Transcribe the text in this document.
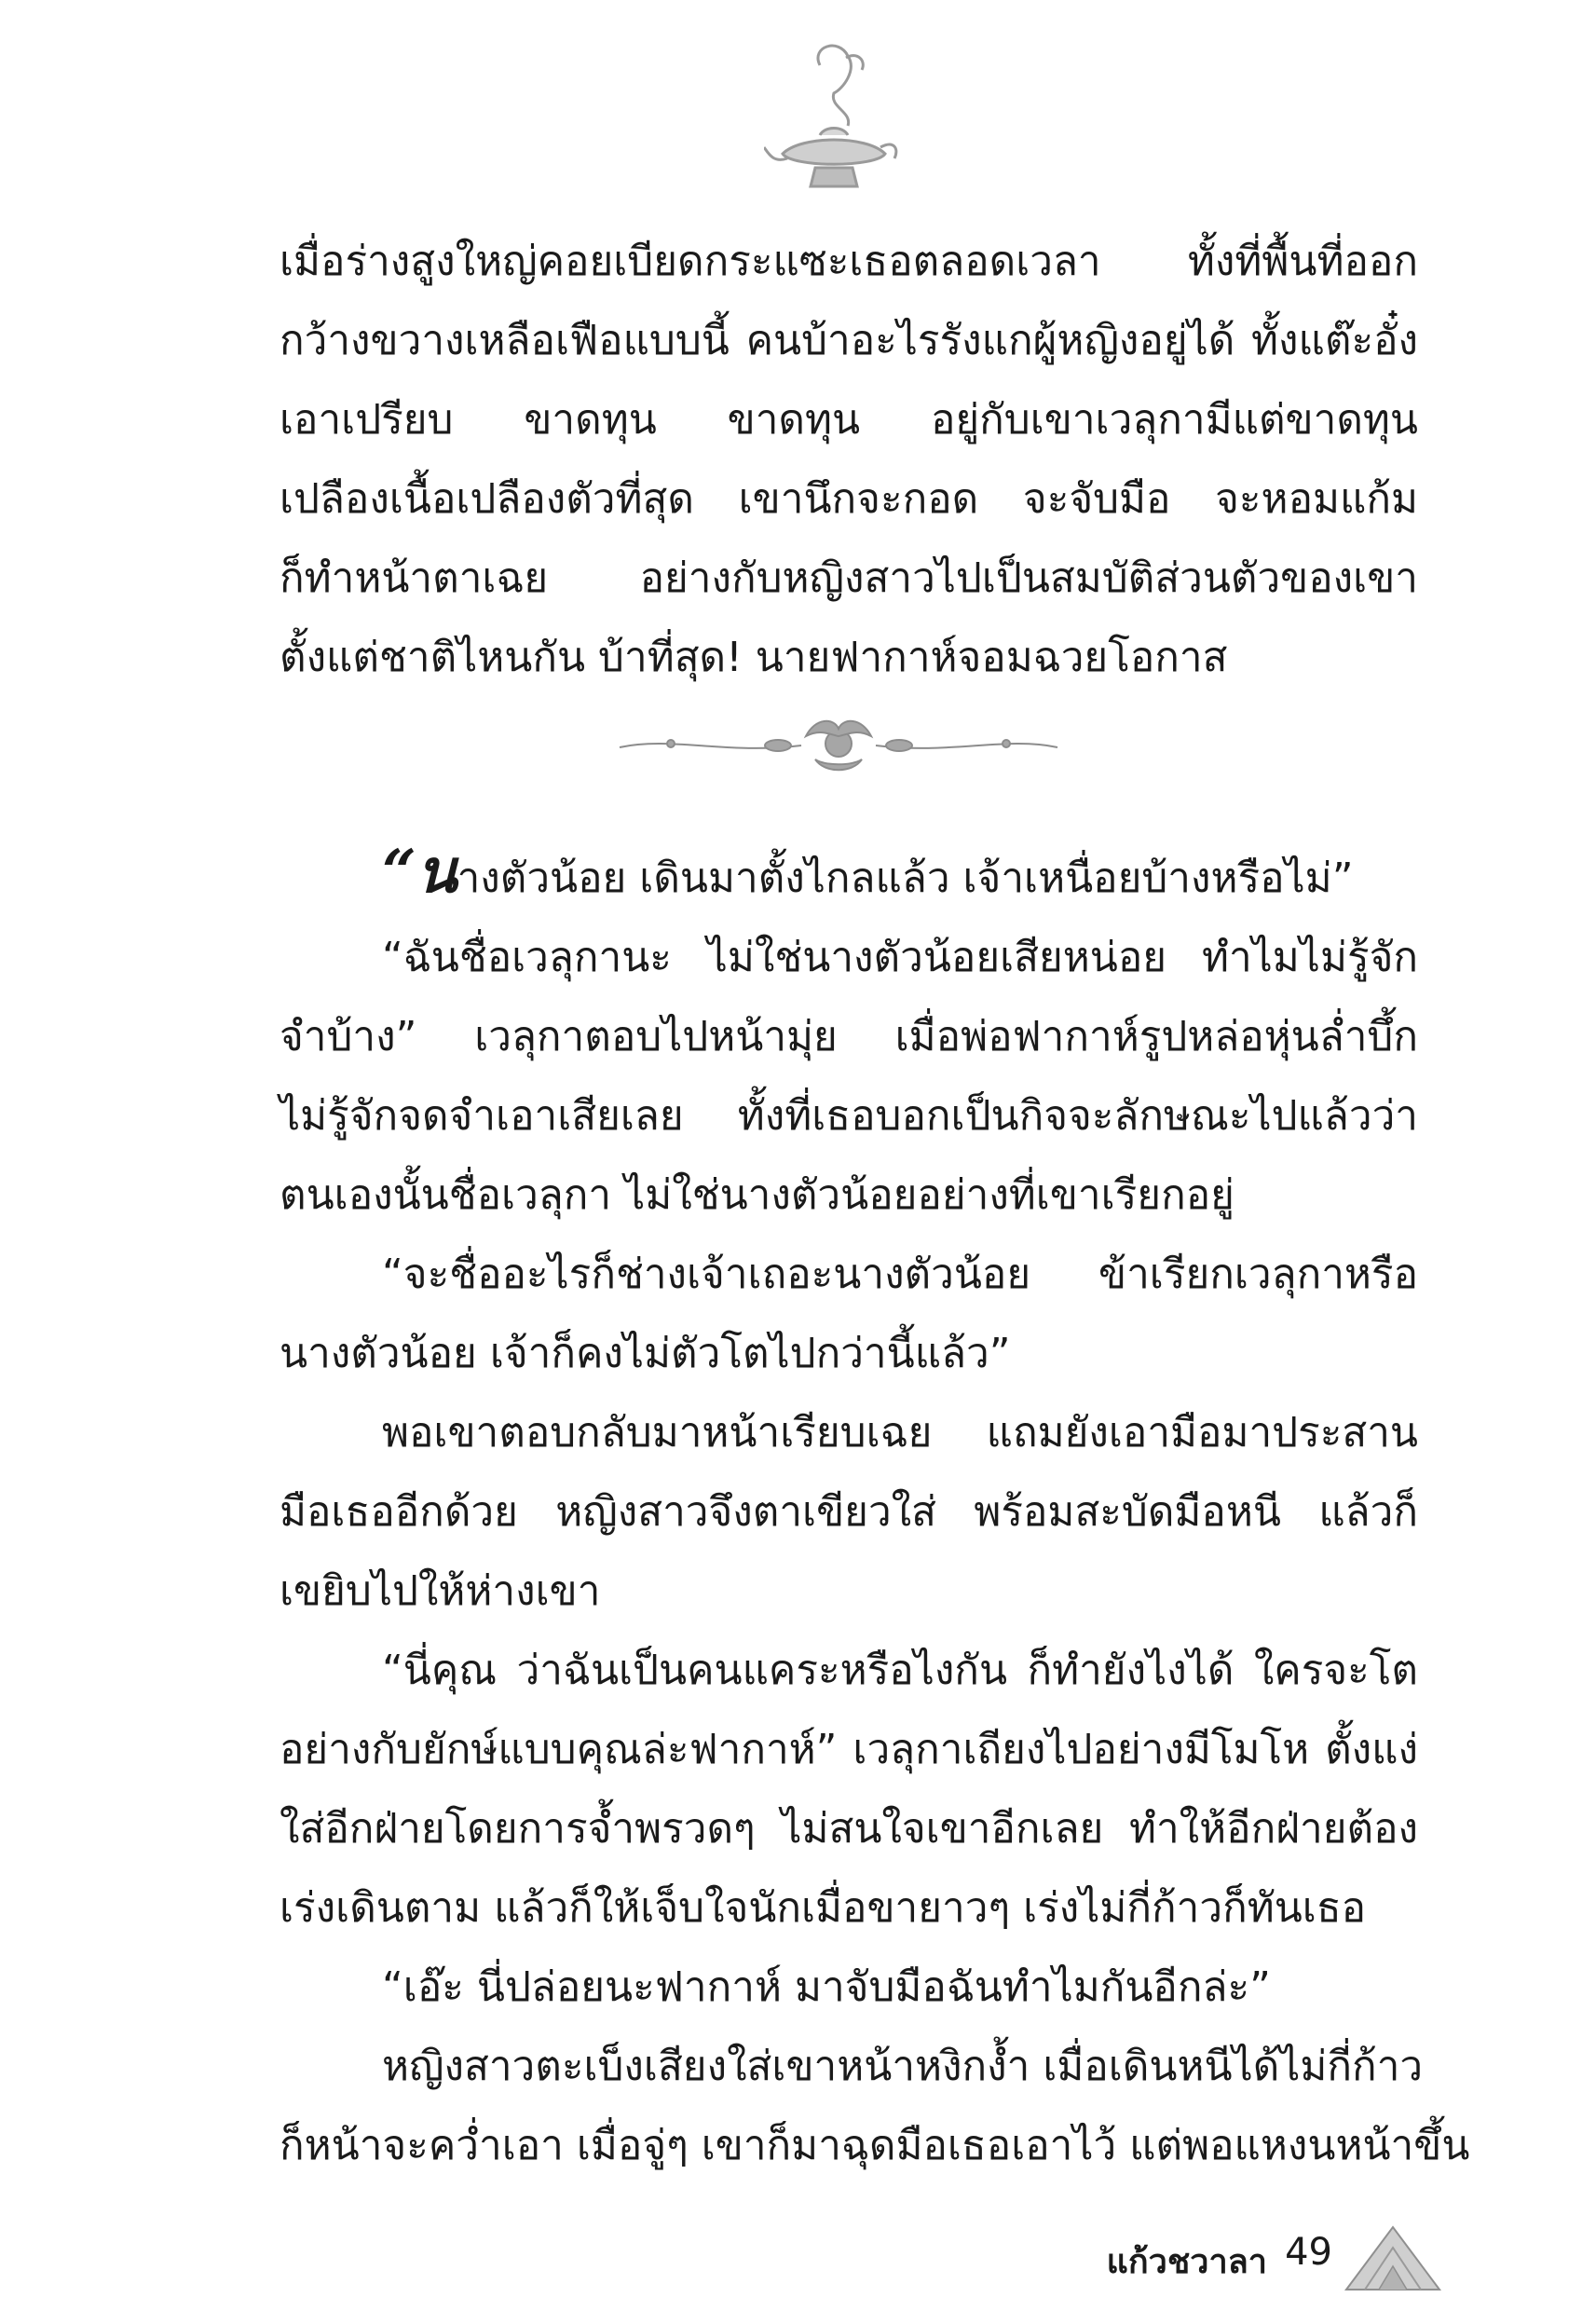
เมื่อร่างสูงใหญ่คอยเบียดกระแซะเธอตลอดเวลา ทั้งที่พื้นที่ออก
กว้างขวางเหลือเฟือแบบนี้ คนบ้าอะไรรังแกผู้หญิงอยู่ได้ ทั้งแต๊ะอั๋ง
เอาเปรียบ ขาดทุน ขาดทุน อยู่กับเขาเวลุกามีแต่ขาดทุน
เปลืองเนื้อเปลืองตัวที่สุด เขานึกจะกอด จะจับมือ จะหอมแก้ม
ก็ทำหน้าตาเฉย อย่างกับหญิงสาวไปเป็นสมบัติส่วนตัวของเขา
ตั้งแต่ชาติไหนกัน บ้าที่สุด! นายฟากาห์จอมฉวยโอกาส

“นางตัวน้อย เดินมาตั้งไกลแล้ว เจ้าเหนื่อยบ้างหรือไม่”

“ฉันชื่อเวลุกานะ ไม่ใช่นางตัวน้อยเสียหน่อย ทำไมไม่รู้จัก
จำบ้าง” เวลุกาตอบไปหน้ามุ่ย เมื่อพ่อฟากาห์รูปหล่อหุ่นล่ำบึ้ก
ไม่รู้จักจดจำเอาเสียเลย ทั้งที่เธอบอกเป็นกิจจะลักษณะไปแล้วว่า
ตนเองนั้นชื่อเวลุกา ไม่ใช่นางตัวน้อยอย่างที่เขาเรียกอยู่

“จะชื่ออะไรก็ช่างเจ้าเถอะนางตัวน้อย ข้าเรียกเวลุกาหรือ
นางตัวน้อย เจ้าก็คงไม่ตัวโตไปกว่านี้แล้ว”

พอเขาตอบกลับมาหน้าเรียบเฉย แถมยังเอามือมาประสาน
มือเธออีกด้วย หญิงสาวจึงตาเขียวใส่ พร้อมสะบัดมือหนี แล้วก็
เขยิบไปให้ห่างเขา

“นี่คุณ ว่าฉันเป็นคนแคระหรือไงกัน ก็ทำยังไงได้ ใครจะโต
อย่างกับยักษ์แบบคุณล่ะฟากาห์” เวลุกาเถียงไปอย่างมีโมโห ตั้งแง่
ใส่อีกฝ่ายโดยการจ้ำพรวดๆ ไม่สนใจเขาอีกเลย ทำให้อีกฝ่ายต้อง
เร่งเดินตาม แล้วก็ให้เจ็บใจนักเมื่อขายาวๆ เร่งไม่กี่ก้าวก็ทันเธอ

“เอ๊ะ นี่ปล่อยนะฟากาห์ มาจับมือฉันทำไมกันอีกล่ะ”

หญิงสาวตะเบ็งเสียงใส่เขาหน้าหงิกงํ้า เมื่อเดินหนีได้ไม่กี่ก้าว
ก็หน้าจะคว่ำเอา เมื่อจู่ๆ เขาก็มาฉุดมือเธอเอาไว้ แต่พอแหงนหน้าขึ้น

แก้วชวาลา 49
